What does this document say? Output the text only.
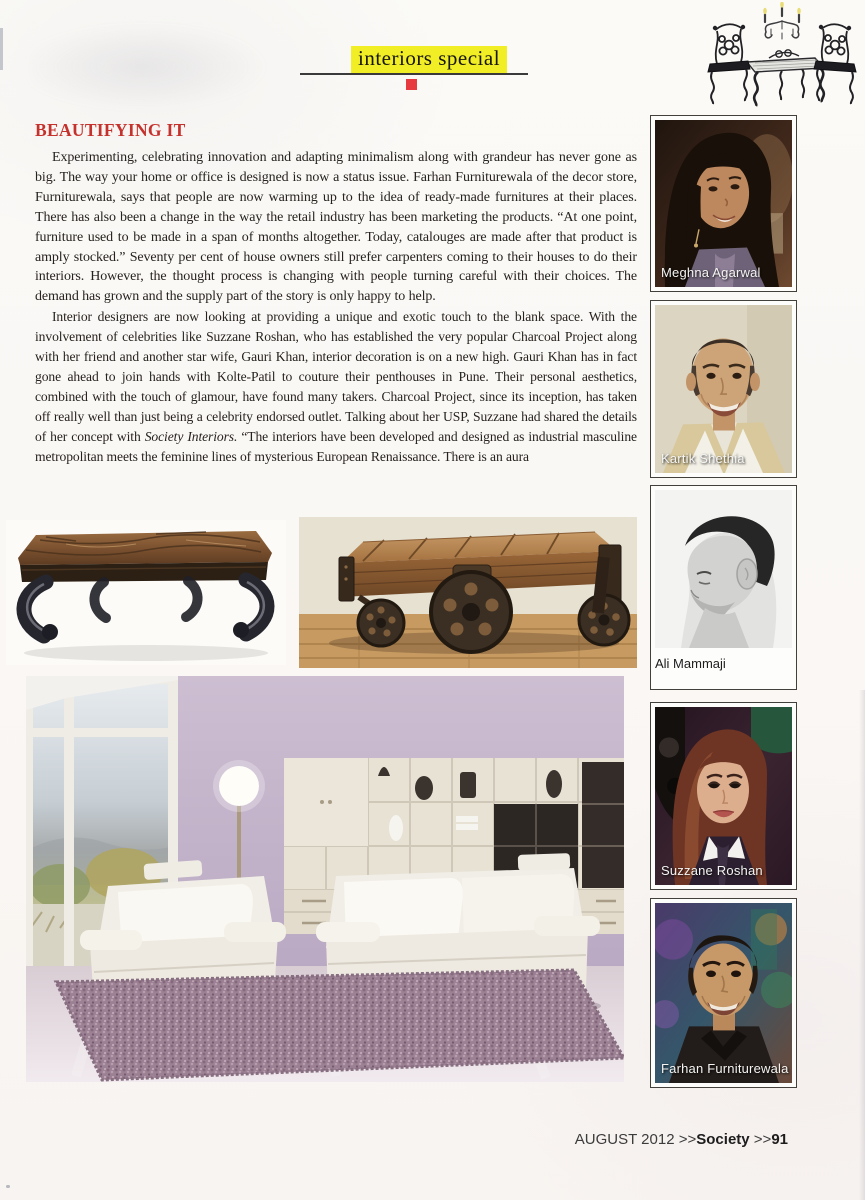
interiors special
BEAUTIFYING IT

Experimenting, celebrating innovation and adapting minimalism along with grandeur has never gone as big. The way your home or office is designed is now a status issue. Farhan Furniturewala of the decor store, Furniturewala, says that people are now warming up to the idea of ready-made furnitures at their places. There has also been a change in the way the retail industry has been marketing the products. “At one point, furniture used to be made in a span of months altogether. Today, catalouges are made after that product is amply stocked.” Seventy per cent of house owners still prefer carpenters coming to their houses to do their interiors. However, the thought process is changing with people turning careful with their choices. The demand has grown and the supply part of the story is only happy to help.

Interior designers are now looking at providing a unique and exotic touch to the blank space. With the involvement of celebrities like Suzzane Roshan, who has established the very popular Charcoal Project along with her friend and another star wife, Gauri Khan, interior decoration is on a new high. Gauri Khan has in fact gone ahead to join hands with Kolte-Patil to couture their penthouses in Pune. Their personal aesthetics, combined with the touch of glamour, have found many takers. Charcoal Project, since its inception, has taken off really well than just being a celebrity endorsed outlet. Talking about her USP, Suzzane had shared the details of her concept with Society Interiors. “The interiors have been developed and designed as industrial masculine metropolitan meets the feminine lines of mysterious European Renaissance. There is an aura

Meghna Agarwal
Kartik Shethia
Ali Mammaji
Suzzane Roshan
Farhan Furniturewala
AUGUST 2012 >>Society >>91
